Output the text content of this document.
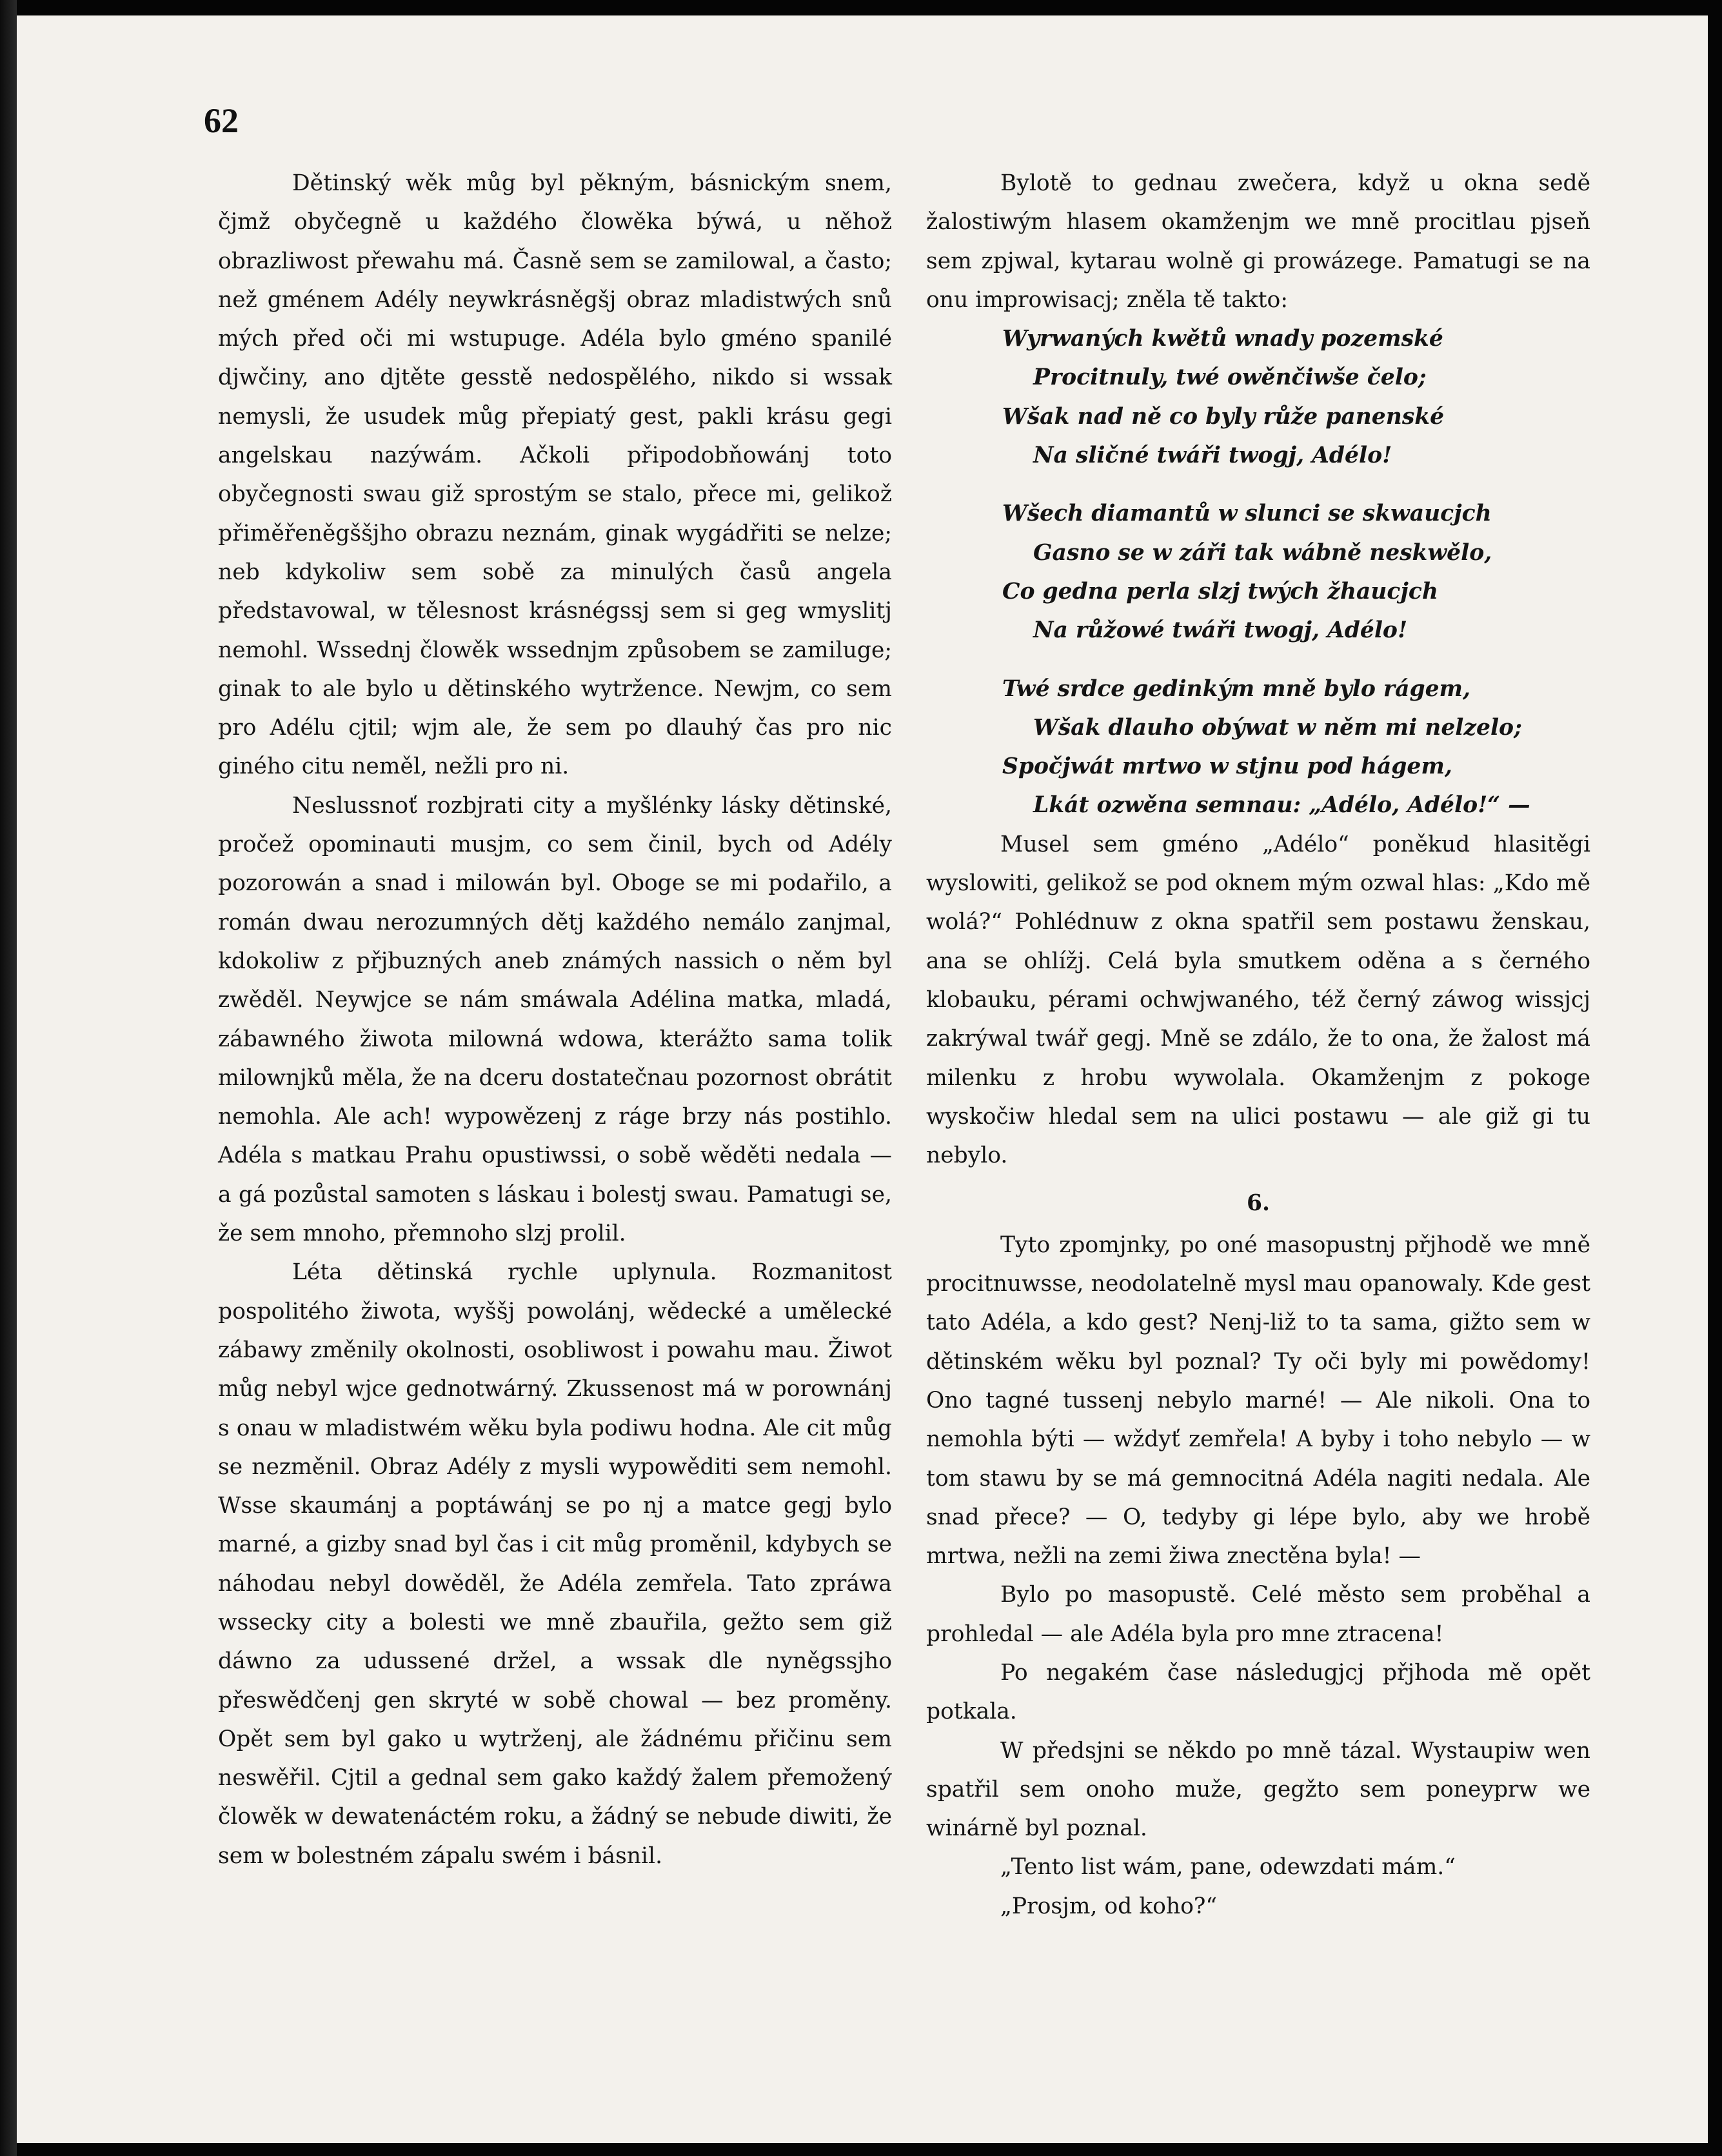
62

Dětinský wěk můg byl pěkným, básnickým snem, čjmž obyčegně u každého člowěka býwá, u něhož obrazliwost přewahu má. Časně sem se zamilowal, a často; než gménem Adély neywkrásněgšj obraz mladistwých snů mých před oči mi wstupuge. Adéla bylo gméno spanilé djwčiny, ano djtěte gesstě nedospělého, nikdo si wssak nemysli, že usudek můg přepiatý gest, pakli krásu gegi angelskau nazýwám. Ačkoli připodobňowánj toto obyčegnosti swau giž sprostým se stalo, přece mi, gelikož přiměřeněgššjho obrazu neznám, ginak wygádřiti se nelze; neb kdykoliw sem sobě za minulých časů angela představowal, w tělesnost krásnégssj sem si geg wmyslitj nemohl. Wssednj člowěk wssednjm způsobem se zamiluge; ginak to ale bylo u dětinského wytržence. Newjm, co sem pro Adélu cjtil; wjm ale, že sem po dlauhý čas pro nic giného citu neměl, nežli pro ni.

Neslussnoť rozbjrati city a myšlénky lásky dětinské, pročež opominauti musjm, co sem činil, bych od Adély pozorowán a snad i milowán byl. Oboge se mi podařilo, a román dwau nerozumných dětj každého nemálo zanjmal, kdokoliw z přjbuzných aneb známých nassich o něm byl zwěděl. Neywjce se nám smáwala Adélina matka, mladá, zábawného žiwota milowná wdowa, kterážto sama tolik milownjků měla, že na dceru dostatečnau pozornost obrátit nemohla. Ale ach! wypowězenj z ráge brzy nás postihlo. Adéla s matkau Prahu opustiwssi, o sobě wěděti nedala — a gá pozůstal samoten s láskau i bolestj swau. Pamatugi se, že sem mnoho, přemnoho slzj prolil.

Léta dětinská rychle uplynula. Rozmanitost pospolitého žiwota, wyššj powolánj, wědecké a umělecké zábawy změnily okolnosti, osobliwost i powahu mau. Žiwot můg nebyl wjce gednotwárný. Zkussenost má w porownánj s onau w mladistwém wěku byla podiwu hodna. Ale cit můg se nezměnil. Obraz Adély z mysli wypowěditi sem nemohl. Wsse skaumánj a poptáwánj se po nj a matce gegj bylo marné, a gizby snad byl čas i cit můg proměnil, kdybych se náhodau nebyl dowěděl, že Adéla zemřela. Tato zpráwa wssecky city a bolesti we mně zbauřila, gežto sem giž dáwno za udussené držel, a wssak dle nyněgssjho přeswědčenj gen skryté w sobě chowal — bez proměny. Opět sem byl gako u wytrženj, ale žádnému přičinu sem neswěřil. Cjtil a gednal sem gako každý žalem přemožený člowěk w dewatenáctém roku, a žádný se nebude diwiti, že sem w bolestném zápalu swém i básnil.

Bylotě to gednau zwečera, když u okna sedě žalostiwým hlasem okamženjm we mně procitlau pjseň sem zpjwal, kytarau wolně gi prowázege. Pamatugi se na onu improwisacj; zněla tě takto:

Wyrwaných kwětů wnady pozemské
Procitnuly, twé owěnčiwše čelo;
Wšak nad ně co byly růže panenské
Na sličné twáři twogj, Adélo!
Wšech diamantů w slunci se skwaucjch
Gasno se w záři tak wábně neskwělo,
Co gedna perla slzj twých žhaucjch
Na růžowé twáři twogj, Adélo!
Twé srdce gedinkým mně bylo rágem,
Wšak dlauho obýwat w něm mi nelzelo;
Spočjwát mrtwo w stjnu pod hágem,
Lkát ozwěna semnau: „Adélo, Adélo!“ —

Musel sem gméno „Adélo“ poněkud hlasitěgi wyslowiti, gelikož se pod oknem mým ozwal hlas: „Kdo mě wolá?“ Pohlédnuw z okna spatřil sem postawu ženskau, ana se ohlížj. Celá byla smutkem oděna a s černého klobauku, pérami ochwjwaného, též černý záwog wissjcj zakrýwal twář gegj. Mně se zdálo, že to ona, že žalost má milenku z hrobu wywolala. Okamženjm z pokoge wyskočiw hledal sem na ulici postawu — ale giž gi tu nebylo.

6.

Tyto zpomjnky, po oné masopustnj přjhodě we mně procitnuwsse, neodolatelně mysl mau opanowaly. Kde gest tato Adéla, a kdo gest? Nenj-liž to ta sama, gižto sem w dětinském wěku byl poznal? Ty oči byly mi powědomy! Ono tagné tussenj nebylo marné! — Ale nikoli. Ona to nemohla býti — wždyť zemřela! A byby i toho nebylo — w tom stawu by se má gemnocitná Adéla nagiti nedala. Ale snad přece? — O, tedyby gi lépe bylo, aby we hrobě mrtwa, nežli na zemi žiwa znectěna byla! —

Bylo po masopustě. Celé město sem proběhal a prohledal — ale Adéla byla pro mne ztracena!

Po negakém čase následugjcj přjhoda mě opět potkala.

W předsjni se někdo po mně tázal. Wystaupiw wen spatřil sem onoho muže, gegžto sem poneyprw we winárně byl poznal.

„Tento list wám, pane, odewzdati mám.“

„Prosjm, od koho?“
